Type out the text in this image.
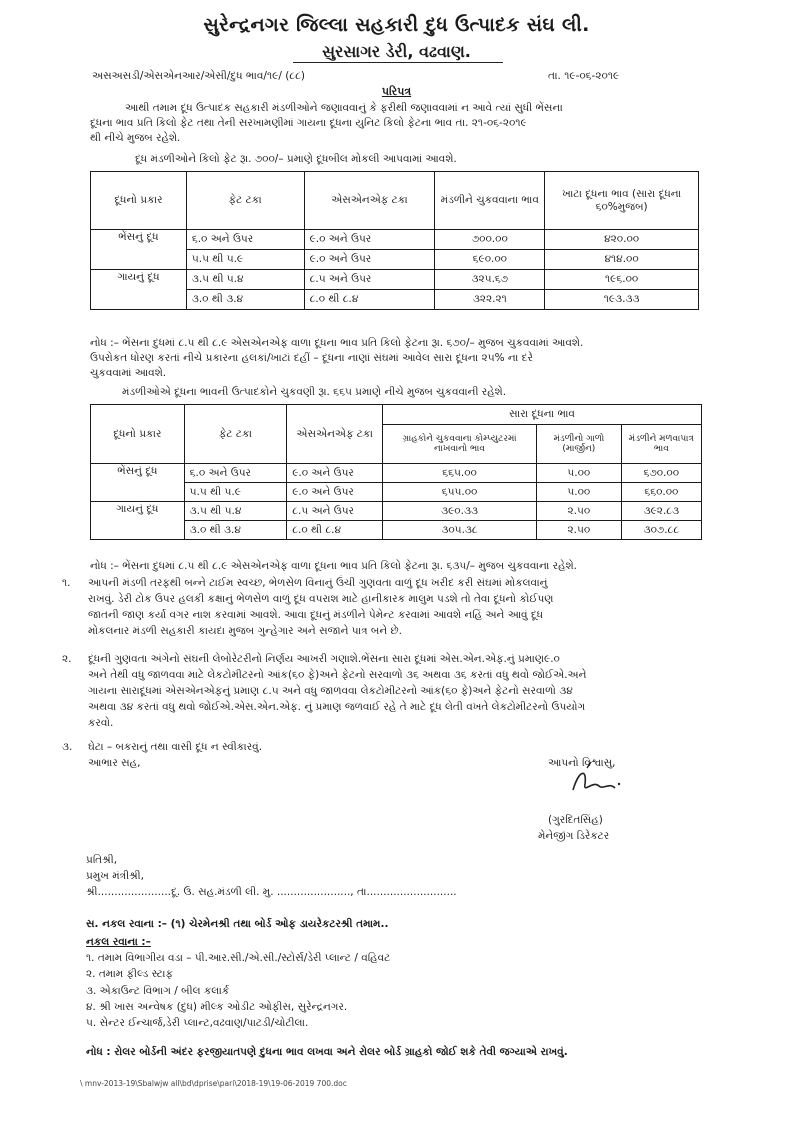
સુરેન્દ્રનગર જિલ્લા સહકારી દુધ ઉત્પાદક સંઘ લી.
સુરસાગર ડેરી, વઢવાણ.
અસઅસડી/એસએનઆર/એસી/દુધ ભાવ/૧૯/ (૮૮)	તા. ૧૯-૦૬-૨૦૧૯
પરિપત્ર
આથી તમામ દૂધ ઉત્પાદક સહકારી મંડળીઓને જણાવવાનું કે ફરીથી જણાવવામાં ન આવે ત્યાં સુધી ભેંસના
દૂધના ભાવ પ્રતિ કિલો ફેટ તથા તેની સરખામણીમાં ગાયના દૂધના યુનિટ કિલો ફેટના ભાવ તા. ૨૧-૦૬-૨૦૧૯
થી નીચે મુજબ રહેશે.
દૂધ મંડળીઓને કિલો ફેટ રૂા. ૭૦૦/– પ્રમાણે દૂધબીલ મોકલી આપવામાં આવશે.
દૂધનો પ્રકાર	ફેટ ટકા	એસએનએફ ટકા	મંડળીને ચુકવવાના ભાવ	ખાટા દૂધના ભાવ (સારા દૂધના ૬૦%મુજબ)
ભેંસનું દૂધ	૬.૦ અને ઉપર	૯.૦ અને ઉપર	૭૦૦.૦૦	૪૨૦.૦૦
	૫.૫ થી ૫.૯	૯.૦ અને ઉપર	૬૯૦.૦૦	૪૧૪.૦૦
ગાયનું દૂધ	૩.૫ થી ૫.૪	૮.૫ અને ઉપર	૩૨૫.૬૭	૧૯૬.૦૦
	૩.૦ થી ૩.૪	૮.૦ થી ૮.૪	૩૨૨.૨૧	૧૯૩.૩૩
નોધ :– ભેંસના દુધમાં ૮.૫ થી ૮.૯ એસએનએફ વાળા દૂધના ભાવ પ્રતિ કિલો ફેટના રૂા. ૬૭૦/– મુજબ ચુકવવામાં આવશે.
ઉપરોકત ધોરણ કરતાં નીચે પ્રકારના હલકાં/ખાટાં દહીં – દૂધના નાણાં સંઘમાં આવેલ સારા દૂધના ૨૫% ના દરે
ચુકવવામાં આવશે.
મંડળીઓએ દૂધના ભાવની ઉત્પાદકોને ચુકવણી રૂા. ૬૬૫ પ્રમાણે નીચે મુજબ ચુકવવાની રહેશે.
દૂધનો પ્રકાર	ફેટ ટકા	એસએનએફ ટકા	સારા દૂધના ભાવ		
			ગ્રાહકોને ચુકવવાના કોમ્પ્યુટરમાં નાખવાનો ભાવ	મંડળીનો ગાળો (માર્જીન)	મંડળીને મળવાપાત્ર ભાવ
ભેંસનું દૂધ	૬.૦ અને ઉપર	૯.૦ અને ઉપર	૬૬૫.૦૦	૫.૦૦	૬૭૦.૦૦
	૫.૫ થી ૫.૯	૯.૦ અને ઉપર	૬૫૫.૦૦	૫.૦૦	૬૬૦.૦૦
ગાયનું દૂધ	૩.૫ થી ૫.૪	૮.૫ અને ઉપર	૩૯૦.૩૩	૨.૫૦	૩૯૨.૮૩
	૩.૦ થી ૩.૪	૮.૦ થી ૮.૪	૩૦૫.૩૮	૨.૫૦	૩૦૭.૮૮
નોધ :– ભેંસના દુધમાં ૮.૫ થી ૮.૯ એસએનએફ વાળા દૂધના ભાવ પ્રતિ કિલો ફેટના રૂા. ૬૩૫/– મુજબ ચુકવવાના રહેશે.
૧. આપની મંડળી તરફથી બન્ને ટાઈમ સ્વચ્છ, ભેળસેળ વિનાનું ઉંચી ગુણવતા વાળું દૂધ ખરીદ કરી સંઘમાં મોકલવાનું
રાખવું. ડેરી ટોક ઉપર હલકી કક્ષાનું ભેળસેળ વાળું દૂધ વપરાશ માટે હાનીકારક માલુમ પડશે તો તેવા દૂધનો કોઈપણ
જાતની જાણ કર્યા વગર નાશ કરવામાં આવશે. આવા દૂધનું મંડળીને પેમેન્ટ કરવામાં આવશે નહિં અને આવું દૂધ
મોકલનાર મંડળી સહકારી કાયદા મુજબ ગુન્હેગાર અને સજાને પાત્ર બને છે.
૨. દૂધની ગુણવતા અંગેનો સંઘની લેબોરેટરીનો નિર્ણય આખરી ગણાશે.ભેંસના સારા દૂધમાં એસ.એન.એફ.નું પ્રમાણ૯.૦
અને તેથી વધુ જાળવવા માટે લેકટોમીટરનો આંક(૬૦ ફે)અને ફેટનો સરવાળો ૩૬ અથવા ૩૬ કરતાં વધુ થવો જોઈએ.અને
ગાયના સારાદૂધમાં એસએનએફનું પ્રમાણ ૮.૫ અને વધુ જાળવવા લેકટોમીટરનો આંક(૬૦ ફે)અને ફેટનો સરવાળો ૩૪
અથવા ૩૪ કરતાં વધુ થવો જોઈએ.એસ.એન.એફ. નું પ્રમાણ જળવાઈ રહે તે માટે દૂધ લેતી વખતે લેકટોમીટરનો ઉપયોગ
કરવો.
૩. ઘેટા – બકરાનું તથા વાસી દૂધ ન સ્વીકારવું.
આભાર સહ,	આપનો વિશ્વાસુ,
(ગુરદિતસિંહ)
મેનેજીંગ ડિરેકટર
પ્રતિશ્રી,
પ્રમુખ મંત્રીશ્રી,
શ્રી......................દૂ. ઉ. સહ.મંડળી લી. મુ. ......................, તા...........................
સ. નકલ રવાના :– (૧) ચેરમેનશ્રી તથા બોર્ડ ઓફ ડાયરેકટરશ્રી તમામ..
નકલ રવાના :–
૧. તમામ વિભાગીય વડા – પી.આર.સી./એ.સી./સ્ટોર્સ/ડેરી પ્લાન્ટ / વહિવટ
૨. તમામ ફીલ્ડ સ્ટાફ
૩. એકાઉન્ટ વિભાગ / બીલ કલાર્ક
૪. શ્રી ખાસ અન્વેષક (દુધ) મીલ્ક ઓડીટ ઓફીસ, સુરેન્દ્રનગર.
૫. સેન્ટર ઈન્ચાર્જ,ડેરી પ્લાન્ટ,વઢવાણ/પાટડી/ચોટીલા.
નોધ : રોલર બોર્ડની અંદર ફરજીયાતપણે દુધના ભાવ લખવા અને રોલર બોર્ડ ગ્રાહકો જોઈ શકે તેવી જગ્યાએ રાખવું.
\ mnv-2013-19\Sbalwjw all\bd\dprise\pari\2018-19\19-06-2019 700.doc
